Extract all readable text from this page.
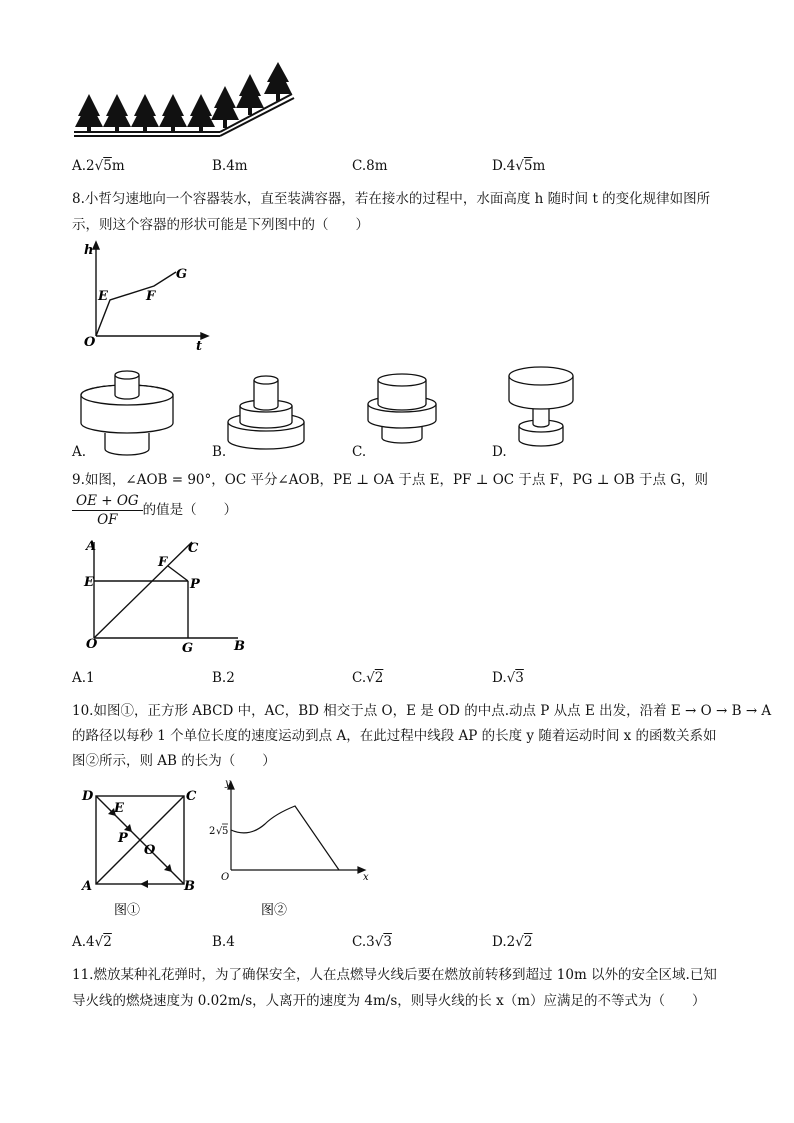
A.2√5m	B.4m	C.8m	D.4√5m
8.小哲匀速地向一个容器装水，直至装满容器，若在接水的过程中，水面高度 h 随时间 t 的变化规律如图所
示，则这个容器的形状可能是下列图中的（　　）
h
t
O
E	F
G
A.	B.	C.	D.
9.如图，∠AOB = 90°，OC 平分∠AOB，PE ⊥ OA 于点 E，PF ⊥ OC 于点 F，PG ⊥ OB 于点 G，则
$\frac{OE + OG}{OF}$ 的值是（　　）
A	C
E
F
P
O	G	B
A.1	B.2	C.√2	D.√3
10.如图①，正方形 ABCD 中，AC，BD 相交于点 O，E 是 OD 的中点.动点 P 从点 E 出发，沿着 E → O → B → A
的路径以每秒 1 个单位长度的速度运动到点 A，在此过程中线段 AP 的长度 y 随着运动时间 x 的函数关系如
图②所示，则 AB 的长为（　　）
D	C
A	B
E
P
O
图①
y
x
O
2 √ 5
图②
A.4√2	B.4	C.3√3	D.2√2
11.燃放某种礼花弹时，为了确保安全，人在点燃导火线后要在燃放前转移到超过 10m 以外的安全区域.已知
导火线的燃烧速度为 0.02m/s，人离开的速度为 4m/s，则导火线的长 x（m）应满足的不等式为（　　）
